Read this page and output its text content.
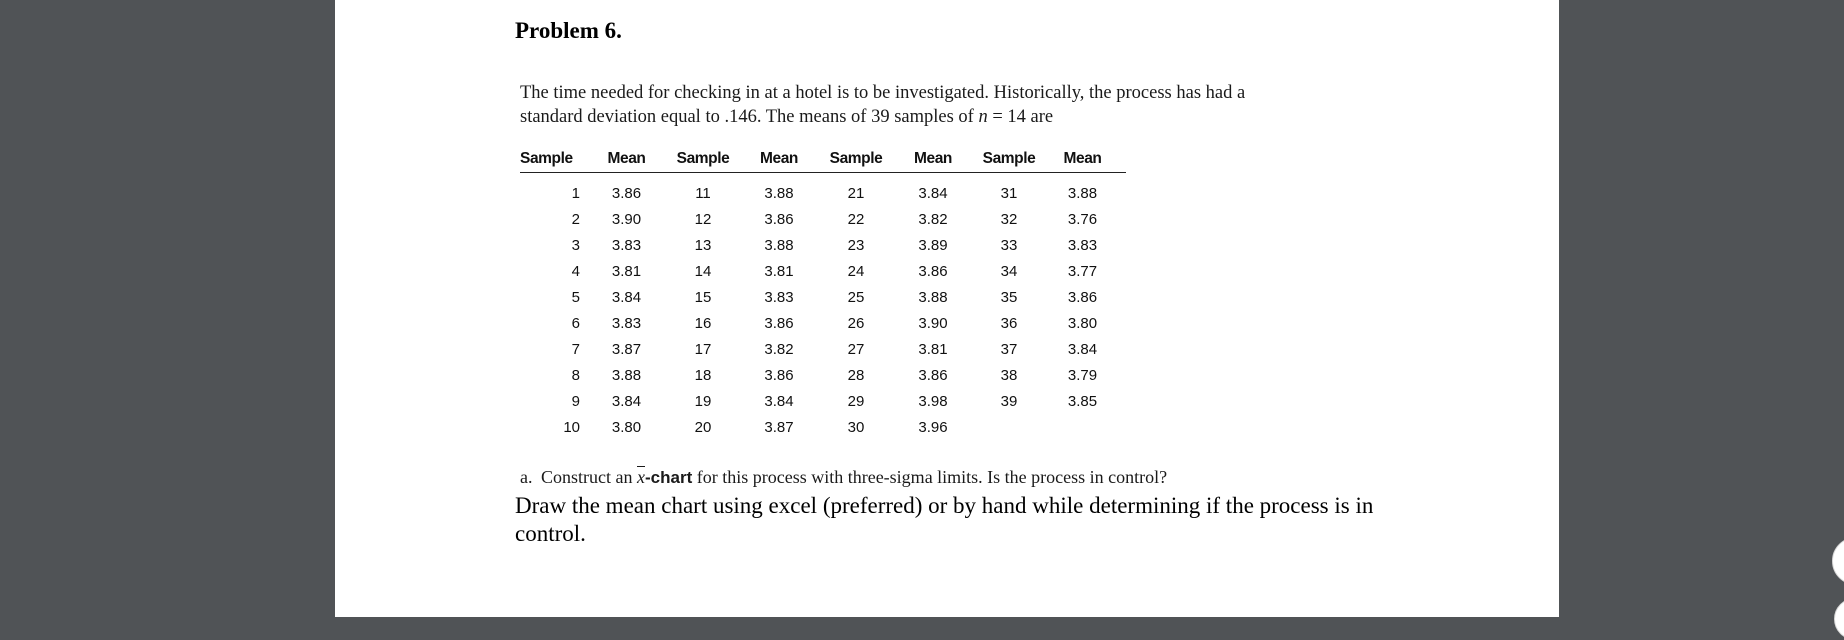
Problem 6.

The time needed for checking in at a hotel is to be investigated. Historically, the process has had a

standard deviation equal to .146. The means of 39 samples of n = 14 are

Sample	Mean	Sample	Mean	Sample	Mean	Sample	Mean

1	3.86	11	3.88	21	3.84	31	3.88
2	3.90	12	3.86	22	3.82	32	3.76
3	3.83	13	3.88	23	3.89	33	3.83
4	3.81	14	3.81	24	3.86	34	3.77
5	3.84	15	3.83	25	3.88	35	3.86
6	3.83	16	3.86	26	3.90	36	3.80
7	3.87	17	3.82	27	3.81	37	3.84
8	3.88	18	3.86	28	3.86	38	3.79
9	3.84	19	3.84	29	3.98	39	3.85
10	3.80	20	3.87	30	3.96		
a. Construct an $\overline{x}$-chart for this process with three-sigma limits. Is the process in control?
Draw the mean chart using excel (preferred) or by hand while determining if the process is in control.
